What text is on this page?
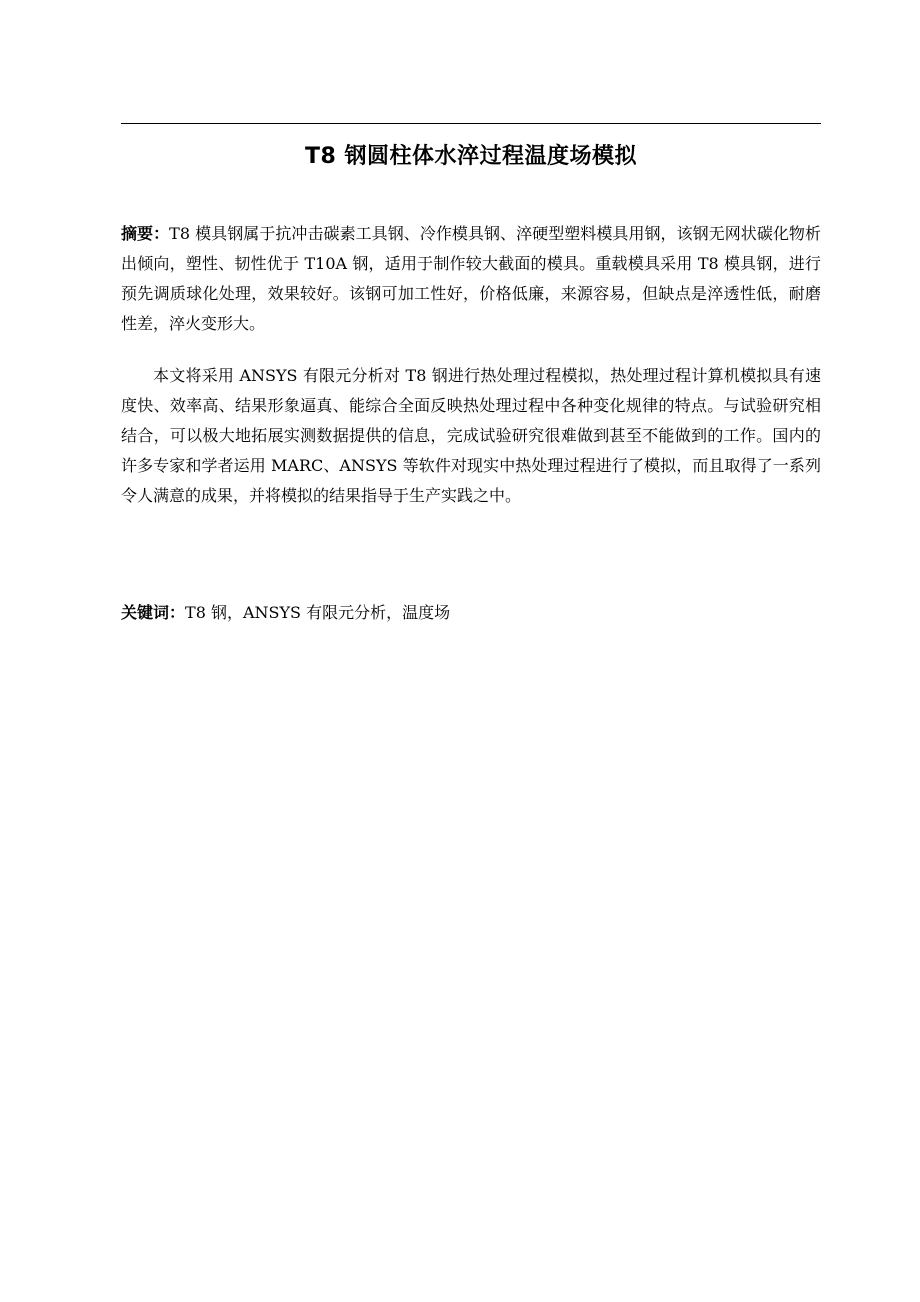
T8 钢圆柱体水淬过程温度场模拟
摘要：T8 模具钢属于抗冲击碳素工具钢、冷作模具钢、淬硬型塑料模具用钢，该钢无网状碳化物析出倾向，塑性、韧性优于 T10A 钢，适用于制作较大截面的模具。重载模具采用 T8 模具钢，进行预先调质球化处理，效果较好。该钢可加工性好，价格低廉，来源容易，但缺点是淬透性低，耐磨性差，淬火变形大。
本文将采用 ANSYS 有限元分析对 T8 钢进行热处理过程模拟，热处理过程计算机模拟具有速度快、效率高、结果形象逼真、能综合全面反映热处理过程中各种变化规律的特点。与试验研究相结合，可以极大地拓展实测数据提供的信息，完成试验研究很难做到甚至不能做到的工作。国内的许多专家和学者运用 MARC、ANSYS 等软件对现实中热处理过程进行了模拟，而且取得了一系列令人满意的成果，并将模拟的结果指导于生产实践之中。
关键词：T8 钢，ANSYS 有限元分析，温度场
